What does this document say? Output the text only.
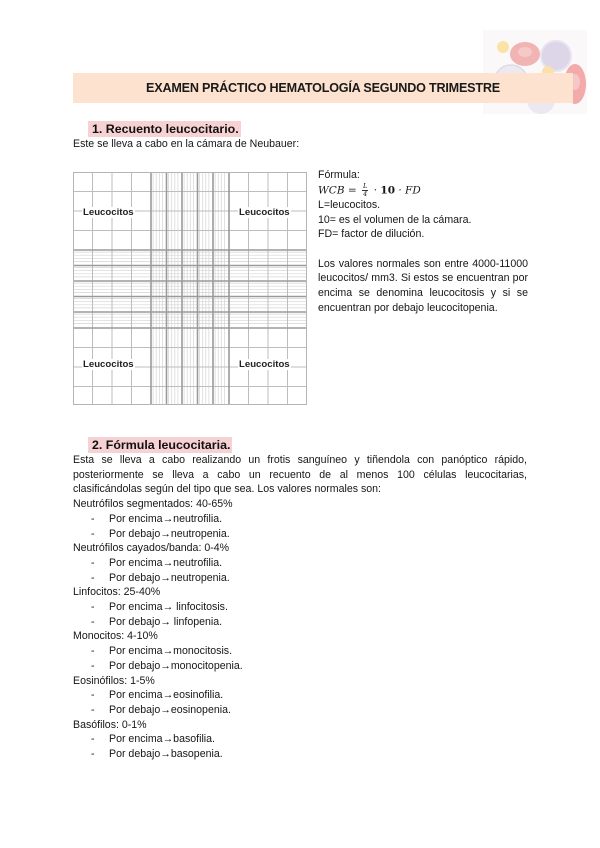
EXAMEN PRÁCTICO HEMATOLOGÍA SEGUNDO TRIMESTRE
1. Recuento leucocitario.
Este se lleva a cabo en la cámara de Neubauer:
Leucocitos	Leucocitos
Leucocitos	Leucocitos

Fórmula:

WCB = $\frac{L}{4} \cdot 10$ · FD

L=leucocitos.

10= es el volumen de la cámara.

FD= factor de dilución.

Los valores normales son entre 4000-11000 leucocitos/ mm3. Si estos se encuentran por encima se denomina leucocitosis y si se encuentran por debajo leucocitopenia.

2. Fórmula leucocitaria.

Esta se lleva a cabo realizando un frotis sanguíneo y tiñendola con panóptico rápido, posteriormente se lleva a cabo un recuento de al menos 100 células leucocitarias, clasificándolas según del tipo que sea. Los valores normales son:

Neutrófilos segmentados: 40-65%

-	Por encima→neutrofilia.
-	Por debajo→neutropenia.

Neutrófilos cayados/banda: 0-4%

-	Por encima→neutrofilia.
-	Por debajo→neutropenia.

Linfocitos: 25-40%

-	Por encima→ linfocitosis.
-	Por debajo→ linfopenia.

Monocitos: 4-10%

-	Por encima→monocitosis.
-	Por debajo→monocitopenia.

Eosinófilos: 1-5%

-	Por encima→eosinofilia.
-	Por debajo→eosinopenia.

Basófilos: 0-1%

-	Por encima→basofilia.
-	Por debajo→basopenia.
